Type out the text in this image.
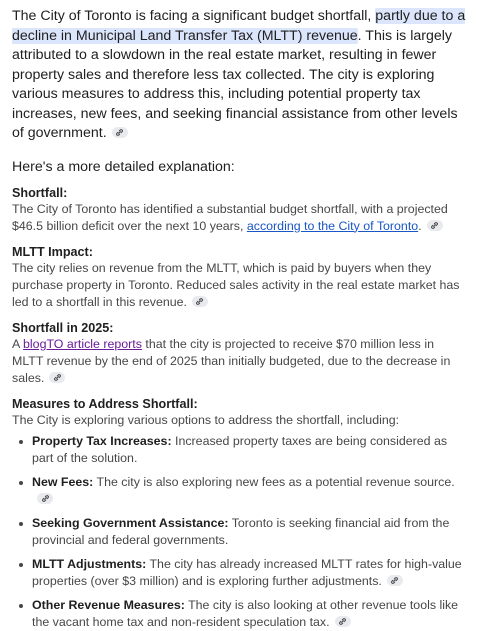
The City of Toronto is facing a significant budget shortfall, partly due to a decline in Municipal Land Transfer Tax (MLTT) revenue. This is largely attributed to a slowdown in the real estate market, resulting in fewer property sales and therefore less tax collected. The city is exploring various measures to address this, including potential property tax increases, new fees, and seeking financial assistance from other levels of government.

Here's a more detailed explanation:

Shortfall:

The City of Toronto has identified a substantial budget shortfall, with a projected $46.5 billion deficit over the next 10 years, according to the City of Toronto.

MLTT Impact:

The city relies on revenue from the MLTT, which is paid by buyers when they purchase property in Toronto. Reduced sales activity in the real estate market has led to a shortfall in this revenue.

Shortfall in 2025:

A blogTO article reports that the city is projected to receive $70 million less in MLTT revenue by the end of 2025 than initially budgeted, due to the decrease in sales.

Measures to Address Shortfall:

The City is exploring various options to address the shortfall, including:

Property Tax Increases: Increased property taxes are being considered as part of the solution.
New Fees: The city is also exploring new fees as a potential revenue source.
Seeking Government Assistance: Toronto is seeking financial aid from the provincial and federal governments.
MLTT Adjustments: The city has already increased MLTT rates for high-value properties (over $3 million) and is exploring further adjustments.
Other Revenue Measures: The city is also looking at other revenue tools like the vacant home tax and non-resident speculation tax.
